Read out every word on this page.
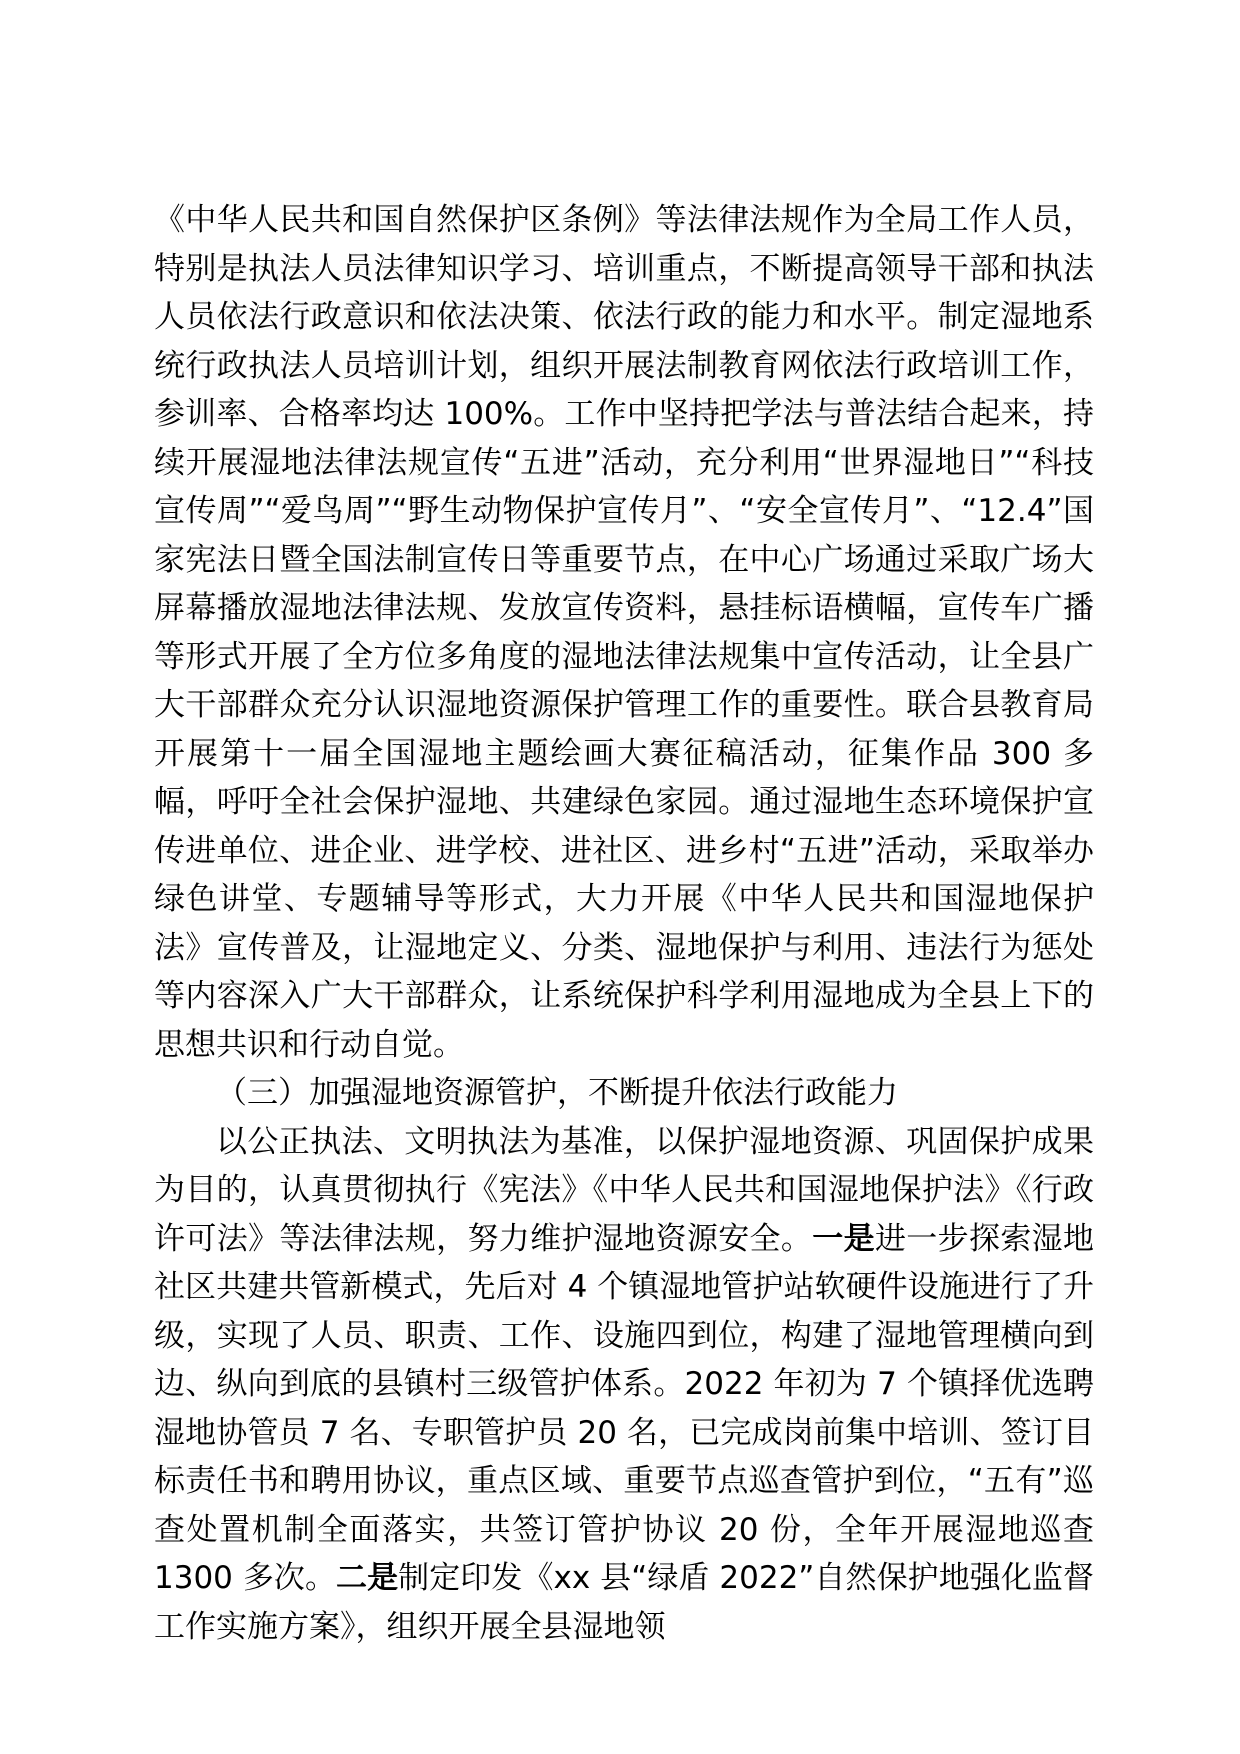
《中华人民共和国自然保护区条例》等法律法规作为全局工作人员，特别是执法人员法律知识学习、培训重点，不断提高领导干部和执法人员依法行政意识和依法决策、依法行政的能力和水平。制定湿地系统行政执法人员培训计划，组织开展法制教育网依法行政培训工作，参训率、合格率均达 100%。工作中坚持把学法与普法结合起来，持续开展湿地法律法规宣传“五进”活动，充分利用“世界湿地日”“科技宣传周”“爱鸟周”“野生动物保护宣传月”、“安全宣传月”、“12.4”国家宪法日暨全国法制宣传日等重要节点，在中心广场通过采取广场大屏幕播放湿地法律法规、发放宣传资料，悬挂标语横幅，宣传车广播等形式开展了全方位多角度的湿地法律法规集中宣传活动，让全县广大干部群众充分认识湿地资源保护管理工作的重要性。联合县教育局开展第十一届全国湿地主题绘画大赛征稿活动，征集作品 300 多幅，呼吁全社会保护湿地、共建绿色家园。通过湿地生态环境保护宣传进单位、进企业、进学校、进社区、进乡村“五进”活动，采取举办绿色讲堂、专题辅导等形式，大力开展《中华人民共和国湿地保护法》宣传普及，让湿地定义、分类、湿地保护与利用、违法行为惩处等内容深入广大干部群众，让系统保护科学利用湿地成为全县上下的思想共识和行动自觉。

（三）加强湿地资源管护，不断提升依法行政能力

以公正执法、文明执法为基准，以保护湿地资源、巩固保护成果为目的，认真贯彻执行《宪法》《中华人民共和国湿地保护法》《行政许可法》等法律法规，努力维护湿地资源安全。一是进一步探索湿地社区共建共管新模式，先后对 4 个镇湿地管护站软硬件设施进行了升级，实现了人员、职责、工作、设施四到位，构建了湿地管理横向到边、纵向到底的县镇村三级管护体系。2022 年初为 7 个镇择优选聘湿地协管员 7 名、专职管护员 20 名，已完成岗前集中培训、签订目标责任书和聘用协议，重点区域、重要节点巡查管护到位，“五有”巡查处置机制全面落实，共签订管护协议 20 份，全年开展湿地巡查 1300 多次。二是制定印发《xx 县“绿盾 2022”自然保护地强化监督工作实施方案》，组织开展全县湿地领
